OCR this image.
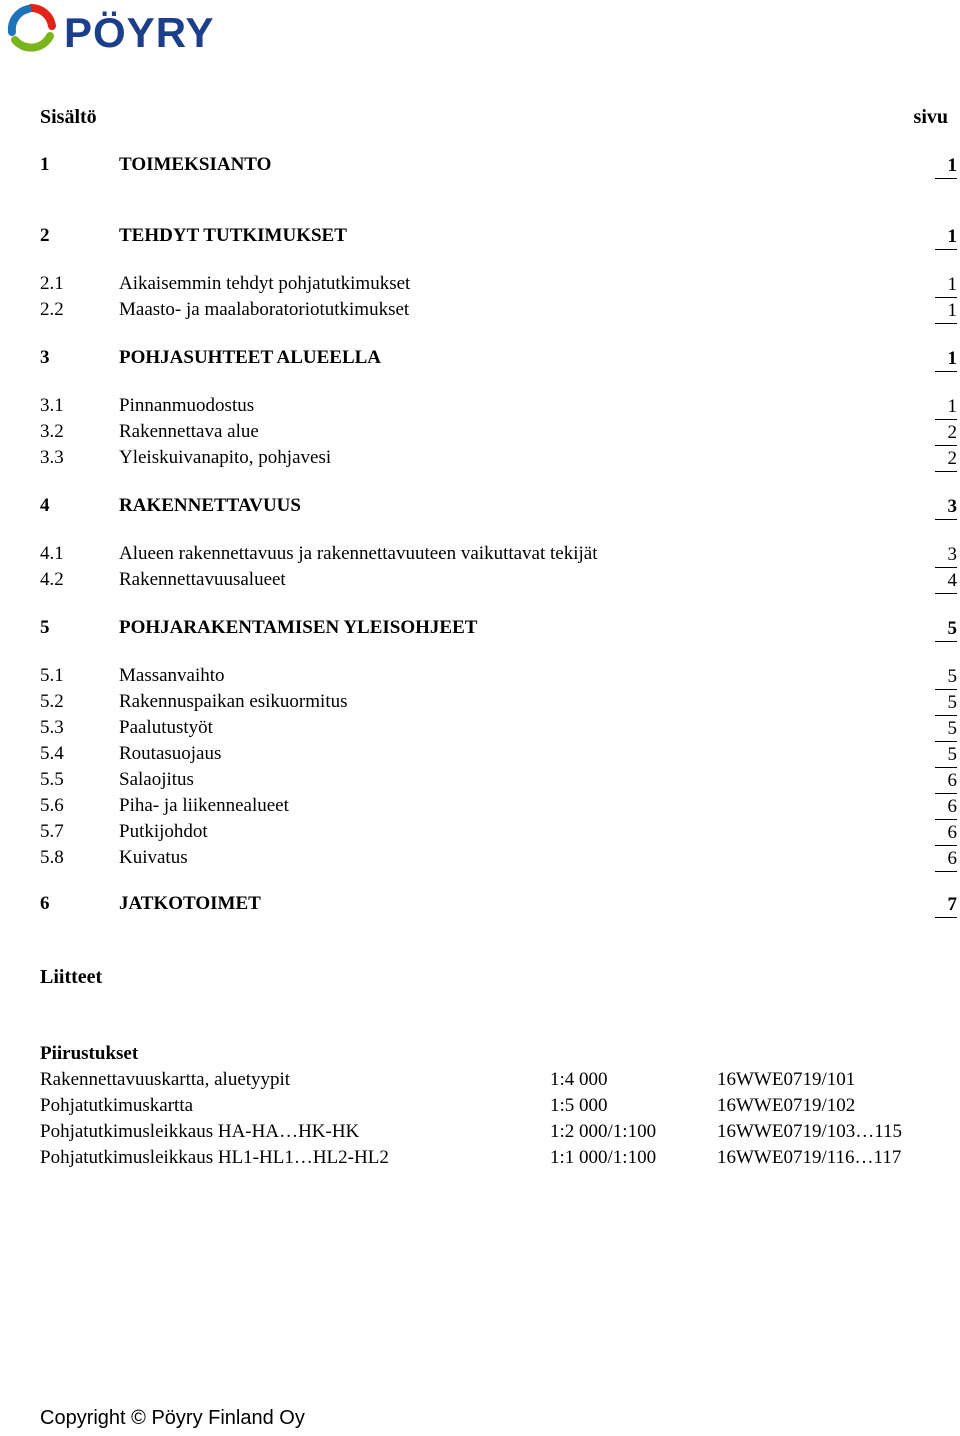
PÖYRY
Sisältö	sivu
1	TOIMEKSIANTO	1
2	TEHDYT TUTKIMUKSET	1
2.1	Aikaisemmin tehdyt pohjatutkimukset	1
2.2	Maasto- ja maalaboratoriotutkimukset	1
3	POHJASUHTEET ALUEELLA	1
3.1	Pinnanmuodostus	1
3.2	Rakennettava alue	2
3.3	Yleiskuivanapito, pohjavesi	2
4	RAKENNETTAVUUS	3
4.1	Alueen rakennettavuus ja rakennettavuuteen vaikuttavat tekijät	3
4.2	Rakennettavuusalueet	4
5	POHJARAKENTAMISEN YLEISOHJEET	5
5.1	Massanvaihto	5
5.2	Rakennuspaikan esikuormitus	5
5.3	Paalutustyöt	5
5.4	Routasuojaus	5
5.5	Salaojitus	6
5.6	Piha- ja liikennealueet	6
5.7	Putkijohdot	6
5.8	Kuivatus	6
6	JATKOTOIMET	7
Liitteet
Piirustukset
Rakennettavuuskartta, aluetyypit	1:4 000	16WWE0719/101
Pohjatutkimuskartta	1:5 000	16WWE0719/102
Pohjatutkimusleikkaus HA-HA…HK-HK	1:2 000/1:100	16WWE0719/103…115
Pohjatutkimusleikkaus HL1-HL1…HL2-HL2	1:1 000/1:100	16WWE0719/116…117
Copyright © Pöyry Finland Oy
